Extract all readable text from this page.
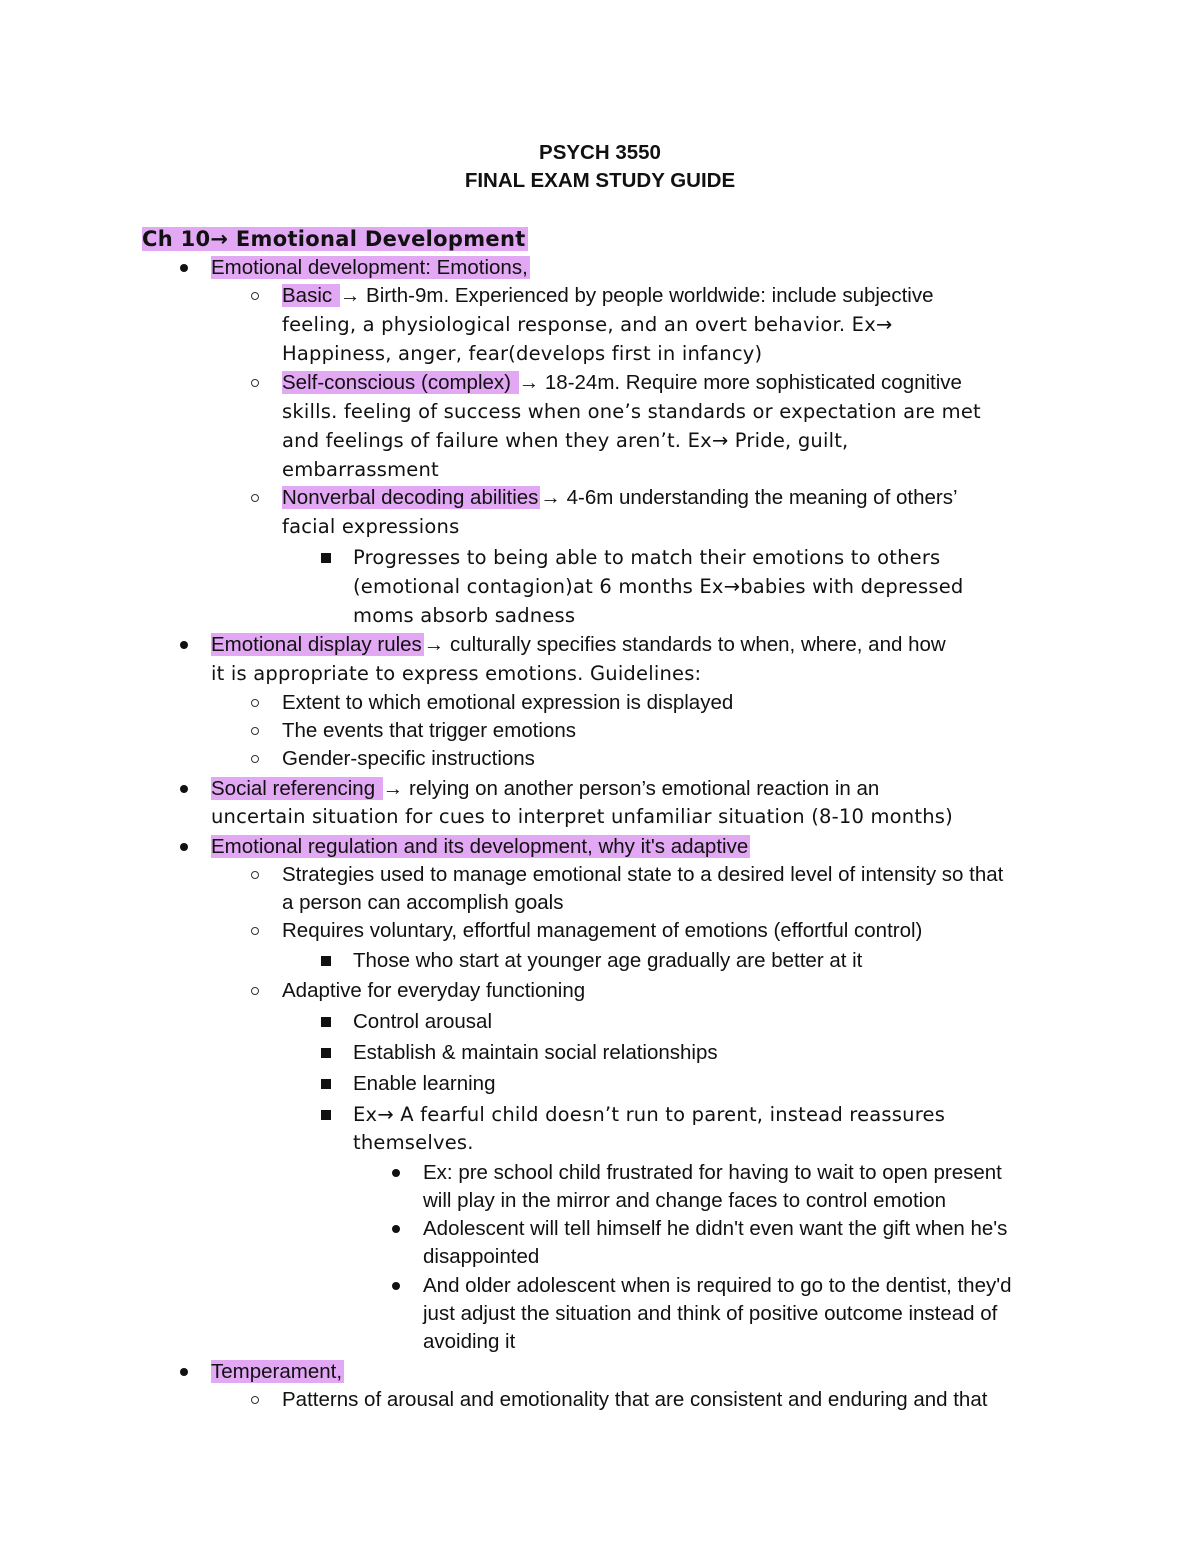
PSYCH 3550
FINAL EXAM STUDY GUIDE
Ch 10→ Emotional Development
Emotional development: Emotions,
Basic → Birth-9m. Experienced by people worldwide: include subjective
feeling, a physiological response, and an overt behavior. Ex→
Happiness, anger, fear(develops first in infancy)
Self-conscious (complex) → 18-24m. Require more sophisticated cognitive
skills. feeling of success when one’s standards or expectation are met
and feelings of failure when they aren’t. Ex→ Pride, guilt,
embarrassment
Nonverbal decoding abilities→ 4-6m understanding the meaning of others’
facial expressions
Progresses to being able to match their emotions to others
(emotional contagion)at 6 months Ex→babies with depressed
moms absorb sadness
Emotional display rules→ culturally specifies standards to when, where, and how
it is appropriate to express emotions. Guidelines:
Extent to which emotional expression is displayed
The events that trigger emotions
Gender-specific instructions
Social referencing → relying on another person’s emotional reaction in an
uncertain situation for cues to interpret unfamiliar situation (8-10 months)
Emotional regulation and its development, why it's adaptive
Strategies used to manage emotional state to a desired level of intensity so that
a person can accomplish goals
Requires voluntary, effortful management of emotions (effortful control)
Those who start at younger age gradually are better at it
Adaptive for everyday functioning
Control arousal
Establish & maintain social relationships
Enable learning
Ex→ A fearful child doesn’t run to parent, instead reassures
themselves.
Ex: pre school child frustrated for having to wait to open present
will play in the mirror and change faces to control emotion
Adolescent will tell himself he didn't even want the gift when he's
disappointed
And older adolescent when is required to go to the dentist, they'd
just adjust the situation and think of positive outcome instead of
avoiding it
Temperament,
Patterns of arousal and emotionality that are consistent and enduring and that
